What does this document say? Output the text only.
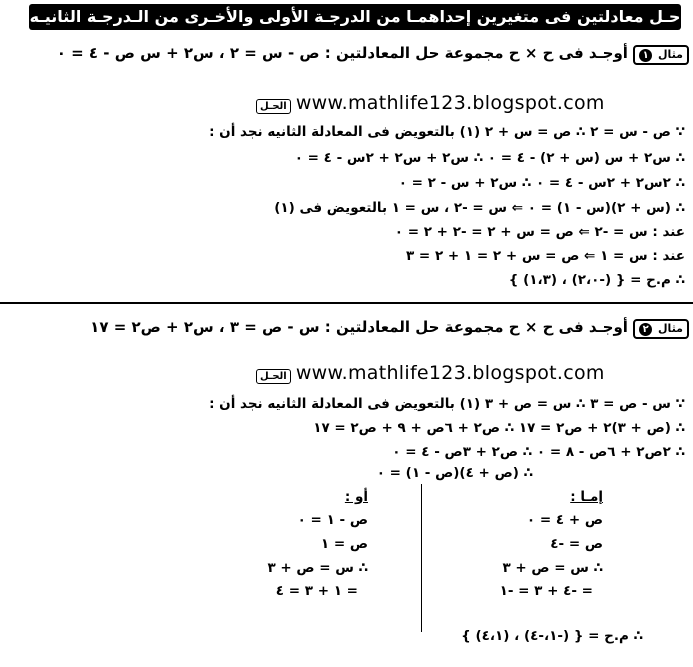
حـل معادلتين فى متغيرين إحداهمـا من الدرجـة الأولى والأخـرى من الـدرجـة الثانيـه
مثال ١ أوجـد فى ح × ح مجموعة حل المعادلتين : ص - س = ٢ ، س٢ + س ص - ٤ = ٠
الحـل www.mathlife123.blogspot.com
∵ ص - س = ٢ ∴ ص = س + ٢ (١) بالتعويض فى المعادلة الثانيه نجد أن :
∴ س٢ + س (س + ٢) - ٤ = ٠ ∴ س٢ + س٢ + ٢س - ٤ = ٠
∴ ٢س٢ + ٢س - ٤ = ٠ ∴ س٢ + س - ٢ = ٠
∴ (س + ٢)(س - ١) = ٠ ⇐ س = -٢ ، س = ١ بالتعويض فى (١)
عند : س = -٢ ⇐ ص = س + ٢ = -٢ + ٢ = ٠
عند : س = ١ ⇐ ص = س + ٢ = ١ + ٢ = ٣
∴ م.ح = { (-٢،٠) ، (١،٣) }
مثال ٢ أوجـد فى ح × ح مجموعة حل المعادلتين : س - ص = ٣ ، س٢ + ص٢ = ١٧
الحـل www.mathlife123.blogspot.com
∵ س - ص = ٣ ∴ س = ص + ٣ (١) بالتعويض فى المعادلة الثانيه نجد أن :
∴ (ص + ٣)٢ + ص٢ = ١٧ ∴ ص٢ + ٦ص + ٩ + ص٢ = ١٧
∴ ٢ص٢ + ٦ص - ٨ = ٠ ∴ ص٢ + ٣ص - ٤ = ٠
∴ (ص + ٤)(ص - ١) = ٠
إمـا :
ص + ٤ = ٠
ص = -٤
∴ س = ص + ٣
= -٤ + ٣ = -١
أو :
ص - ١ = ٠
ص = ١
∴ س = ص + ٣
= ١ + ٣ = ٤
∴ م.ح = { (-١،-٤) ، (٤،١) }
